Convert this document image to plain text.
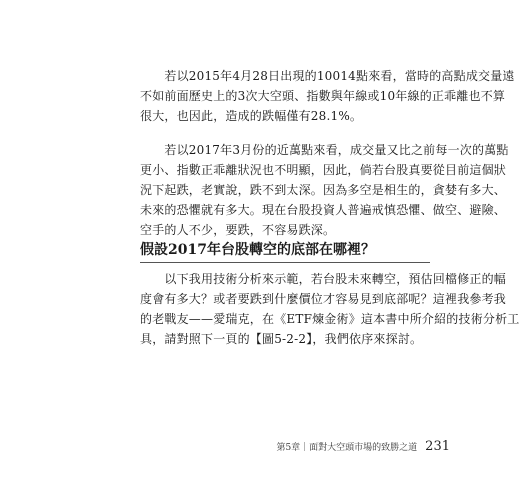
　　若以2015年4月28日出現的10014點來看，當時的高點成交量遠
不如前面歷史上的3次大空頭、指數與年線或10年線的正乖離也不算
很大，也因此，造成的跌幅僅有28.1%。

　　若以2017年3月份的近萬點來看，成交量又比之前每一次的萬點
更小、指數正乖離狀況也不明顯，因此，倘若台股真要從目前這個狀
況下起跌，老實說，跌不到太深。因為多空是相生的，貪婪有多大、
未來的恐懼就有多大。現在台股投資人普遍戒慎恐懼、做空、避險、
空手的人不少，要跌，不容易跌深。

假設2017年台股轉空的底部在哪裡？

　　以下我用技術分析來示範，若台股未來轉空，預估回檔修正的幅
度會有多大？或者要跌到什麼價位才容易見到底部呢？這裡我參考我
的老戰友——愛瑞克，在《ETF煉金術》這本書中所介紹的技術分析工
具，請對照下一頁的【圖5-2-2】，我們依序來探討。

第5章｜面對大空頭市場的致勝之道 231
